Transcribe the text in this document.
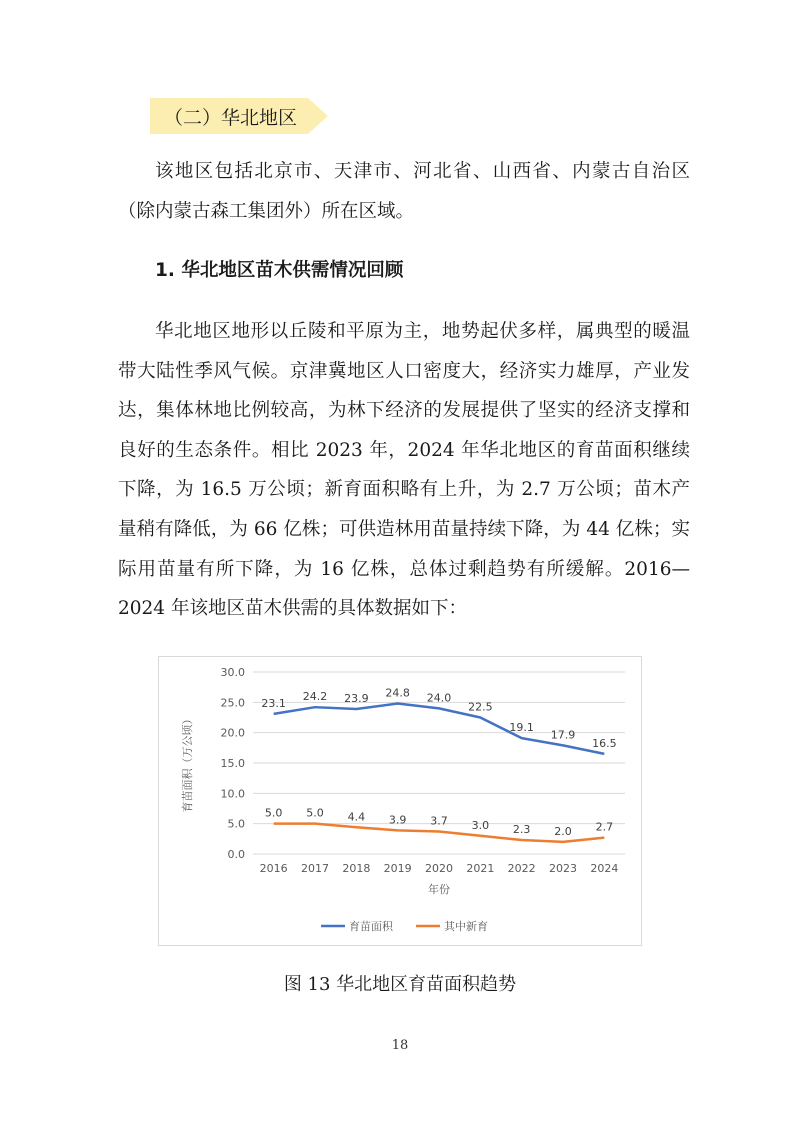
（二）华北地区

该地区包括北京市、天津市、河北省、山西省、内蒙古自治区（除内蒙古森工集团外）所在区域。

1. 华北地区苗木供需情况回顾

华北地区地形以丘陵和平原为主，地势起伏多样，属典型的暖温带大陆性季风气候。京津冀地区人口密度大，经济实力雄厚，产业发达，集体林地比例较高，为林下经济的发展提供了坚实的经济支撑和良好的生态条件。相比 2023 年，2024 年华北地区的育苗面积继续下降，为 16.5 万公顷；新育面积略有上升，为 2.7 万公顷；苗木产量稍有降低，为 66 亿株；可供造林用苗量持续下降，为 44 亿株；实际用苗量有所下降，为 16 亿株，总体过剩趋势有所缓解。2016—2024 年该地区苗木供需的具体数据如下：

0.0
5.0
10.0
15.0
20.0
25.0
30.0
2016 2017 2018 2019 2020 2021 2022 2023 2024
年份
育苗面积（万公顷）
23.1
24.2 23.9 24.8 24.0
22.5
19.1
17.9
16.5
5.0 5.0 4.4 3.9 3.7 3.0 2.3 2.0 2.7
育苗面积	其中新育

图 13 华北地区育苗面积趋势

18
